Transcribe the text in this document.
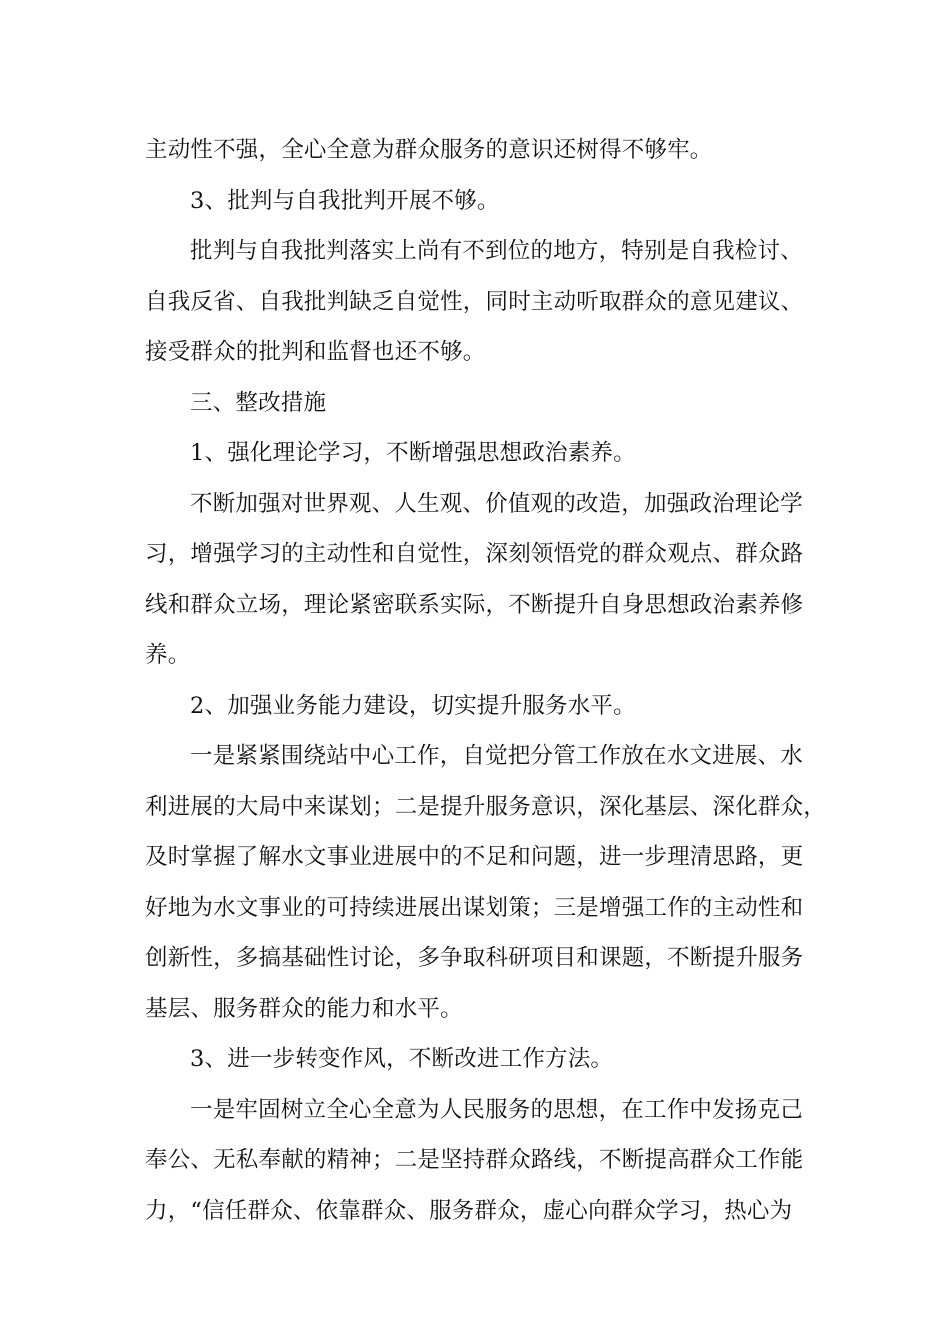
主动性不强，全心全意为群众服务的意识还树得不够牢。
3、批判与自我批判开展不够。
批判与自我批判落实上尚有不到位的地方，特别是自我检讨、
自我反省、自我批判缺乏自觉性，同时主动听取群众的意见建议、
接受群众的批判和监督也还不够。
三、整改措施
1、强化理论学习，不断增强思想政治素养。
不断加强对世界观、人生观、价值观的改造，加强政治理论学
习，增强学习的主动性和自觉性，深刻领悟党的群众观点、群众路
线和群众立场，理论紧密联系实际，不断提升自身思想政治素养修
养。
2、加强业务能力建设，切实提升服务水平。
一是紧紧围绕站中心工作，自觉把分管工作放在水文进展、水
利进展的大局中来谋划；二是提升服务意识，深化基层、深化群众，
及时掌握了解水文事业进展中的不足和问题，进一步理清思路，更
好地为水文事业的可持续进展出谋划策；三是增强工作的主动性和
创新性，多搞基础性讨论，多争取科研项目和课题，不断提升服务
基层、服务群众的能力和水平。
3、进一步转变作风，不断改进工作方法。
一是牢固树立全心全意为人民服务的思想，在工作中发扬克己
奉公、无私奉献的精神；二是坚持群众路线，不断提高群众工作能
力，“信任群众、依靠群众、服务群众，虚心向群众学习，热心为
